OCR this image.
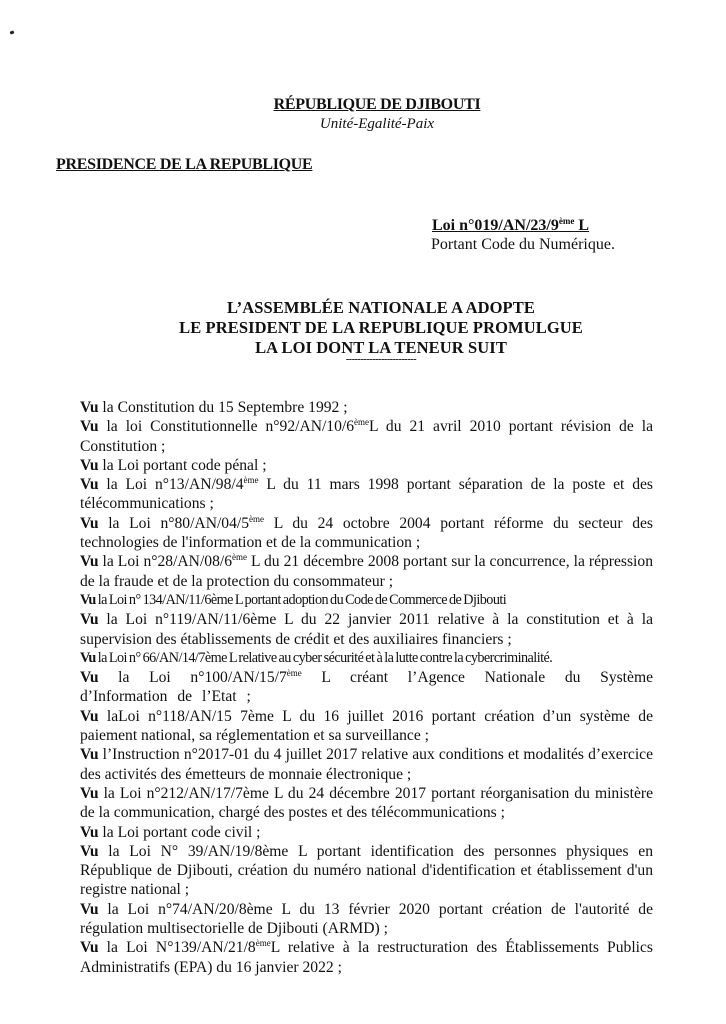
RÉPUBLIQUE DE DJIBOUTI
Unité-Egalité-Paix
PRESIDENCE DE LA REPUBLIQUE
Loi n°019/AN/23/9ème L
Portant Code du Numérique.
L’ASSEMBLÉE NATIONALE A ADOPTE
LE PRESIDENT DE LA REPUBLIQUE PROMULGUE
LA LOI DONT LA TENEUR SUIT
------------------------
Vu la Constitution du 15 Septembre 1992 ;
Vu la loi Constitutionnelle n°92/AN/10/6èmeL du 21 avril 2010 portant révision de la Constitution ;
Vu la Loi portant code pénal ;
Vu la Loi n°13/AN/98/4ème L du 11 mars 1998 portant séparation de la poste et des télécommunications ;
Vu la Loi n°80/AN/04/5ème L du 24 octobre 2004 portant réforme du secteur des technologies de l'information et de la communication ;
Vu la Loi n°28/AN/08/6ème L du 21 décembre 2008 portant sur la concurrence, la répression de la fraude et de la protection du consommateur ;
Vu la Loi n° 134/AN/11/6ème L portant adoption du Code de Commerce de Djibouti
Vu la Loi n°119/AN/11/6ème L du 22 janvier 2011 relative à la constitution et à la supervision des établissements de crédit et des auxiliaires financiers ;
Vu la Loi n° 66/AN/14/7ème L relative au cyber sécurité et à la lutte contre la cybercriminalité.
Vu la Loi n°100/AN/15/7ème L créant l’Agence Nationale du Système d’Information de l’Etat ;
Vu laLoi n°118/AN/15 7ème L du 16 juillet 2016 portant création d’un système de paiement national, sa réglementation et sa surveillance ;
Vu l’Instruction n°2017-01 du 4 juillet 2017 relative aux conditions et modalités d’exercice des activités des émetteurs de monnaie électronique ;
Vu la Loi n°212/AN/17/7ème L du 24 décembre 2017 portant réorganisation du ministère de la communication, chargé des postes et des télécommunications ;
Vu la Loi portant code civil ;
Vu la Loi N° 39/AN/19/8ème L portant identification des personnes physiques en République de Djibouti, création du numéro national d'identification et établissement d'un registre national ;
Vu la Loi n°74/AN/20/8ème L du 13 février 2020 portant création de l'autorité de régulation multisectorielle de Djibouti (ARMD) ;
Vu la Loi N°139/AN/21/8èmeL relative à la restructuration des Établissements Publics Administratifs (EPA) du 16 janvier 2022 ;
